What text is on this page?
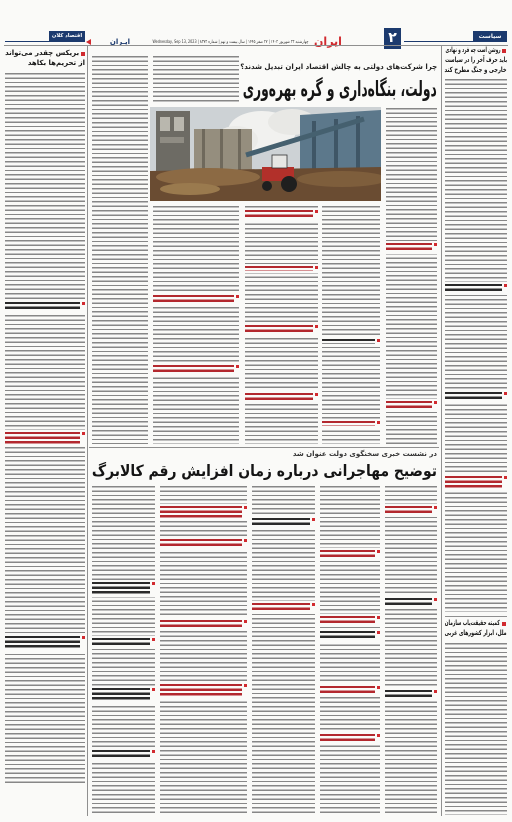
سیاست
۲
ایران
چهارشنبه ۲۲ شهریور ۱۴۰۲ | ۲۷ صفر ۱۴۴۵ | سال بیست و نهم | شماره ۸۲۷۲ | Wednesday, Sep 13, 2023
ایـران
اقتصاد کلان
روشن است چه فرد و نهادی
باید حرف آخر را در سیاست
خارجی و جنگ مطرح کند
کمیته حقیقت‌یاب سازمان
ملل، ابزار کشورهای غربی
بریکس چقدر می‌تواند
از تحریم‌ها بکاهد	چرا شرکت‌های دولتی به چالش اقتصاد ایران تبدیل شدند؟
دولت، بنگاه‌داری و گره بهره‌وری
در نشست خبری سخنگوی دولت عنوان شد
توضیح مهاجرانی درباره زمان افزایش رقم کالابرگ
